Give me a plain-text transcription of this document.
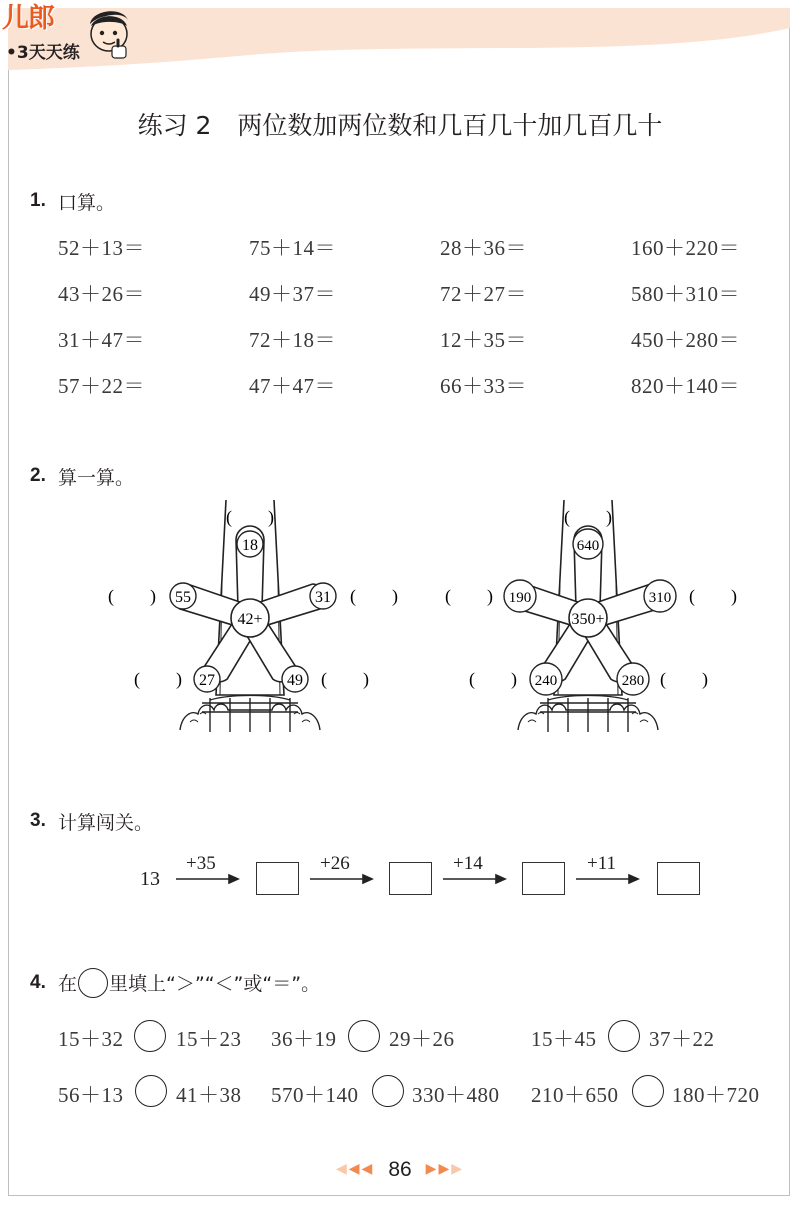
儿郎
•3天天练
练习 2 两位数加两位数和几百几十加几百几十
1. 口算。
52＋13＝	75＋14＝	28＋36＝	160＋220＝
43＋26＝	49＋37＝	72＋27＝	580＋310＝
31＋47＝	72＋18＝	12＋35＝	450＋280＝
57＋22＝	47＋47＝	66＋33＝	820＋140＝
2. 算一算。
42+
18
55	31
27	49
(　　)
(　　)	(　　)
(　　)	(　　)
350+
640
190	310
240	280
(　　)
(　　)	(　　)
(　　)	(　　)
3. 计算闯关。
13
+35	+26	+14	+11
4. 在 里填上“＞”“＜”或“＝”。
15＋32	15＋23 36＋19	29＋26	15＋45	37＋22
56＋13	41＋38 570＋140	330＋480 210＋650	180＋720
◀◀◀ 86 ▶▶▶
